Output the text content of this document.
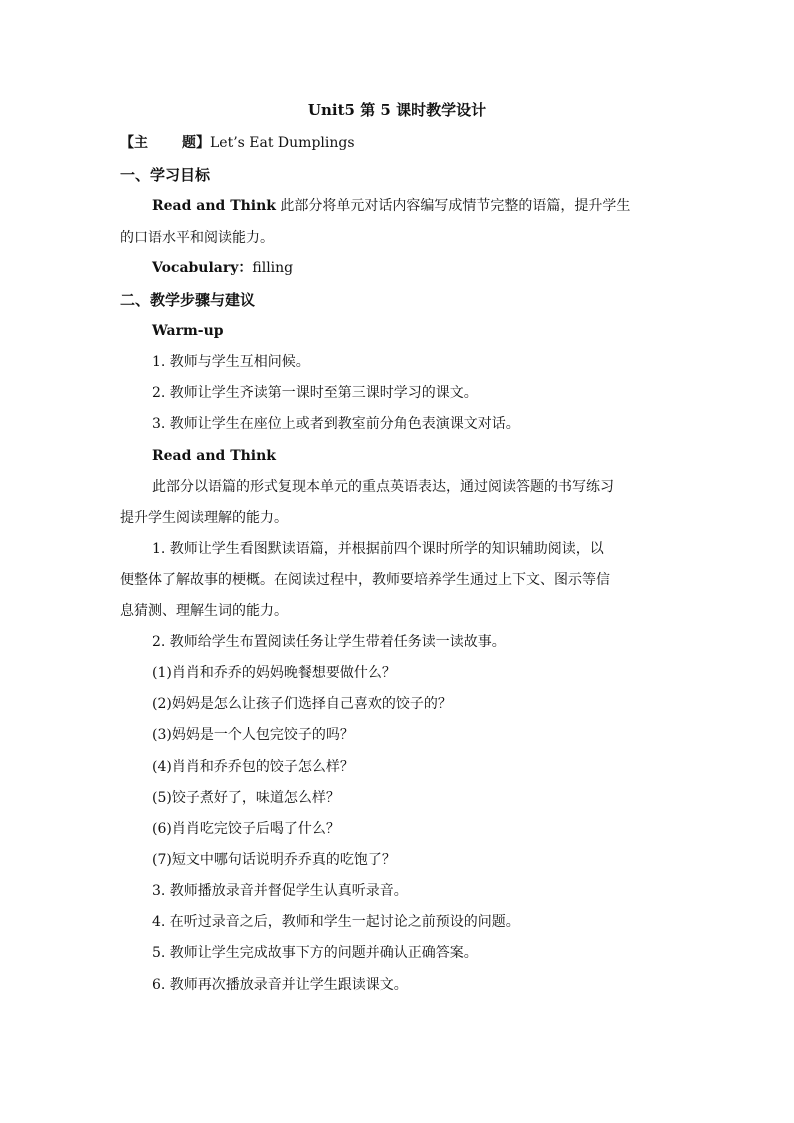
Unit5 第 5 课时教学设计
【主 题】Let’s Eat Dumplings
一、学习目标
Read and Think 此部分将单元对话内容编写成情节完整的语篇，提升学生
的口语水平和阅读能力。
Vocabulary：filling
二、教学步骤与建议
Warm-up
1. 教师与学生互相问候。
2. 教师让学生齐读第一课时至第三课时学习的课文。
3. 教师让学生在座位上或者到教室前分角色表演课文对话。
Read and Think
此部分以语篇的形式复现本单元的重点英语表达，通过阅读答题的书写练习
提升学生阅读理解的能力。
1. 教师让学生看图默读语篇，并根据前四个课时所学的知识辅助阅读，以
便整体了解故事的梗概。在阅读过程中，教师要培养学生通过上下文、图示等信
息猜测、理解生词的能力。
2. 教师给学生布置阅读任务让学生带着任务读一读故事。
(1)肖肖和乔乔的妈妈晚餐想要做什么？
(2)妈妈是怎么让孩子们选择自己喜欢的饺子的？
(3)妈妈是一个人包完饺子的吗？
(4)肖肖和乔乔包的饺子怎么样？
(5)饺子煮好了，味道怎么样？
(6)肖肖吃完饺子后喝了什么？
(7)短文中哪句话说明乔乔真的吃饱了？
3. 教师播放录音并督促学生认真听录音。
4. 在听过录音之后，教师和学生一起讨论之前预设的问题。
5. 教师让学生完成故事下方的问题并确认正确答案。
6. 教师再次播放录音并让学生跟读课文。
